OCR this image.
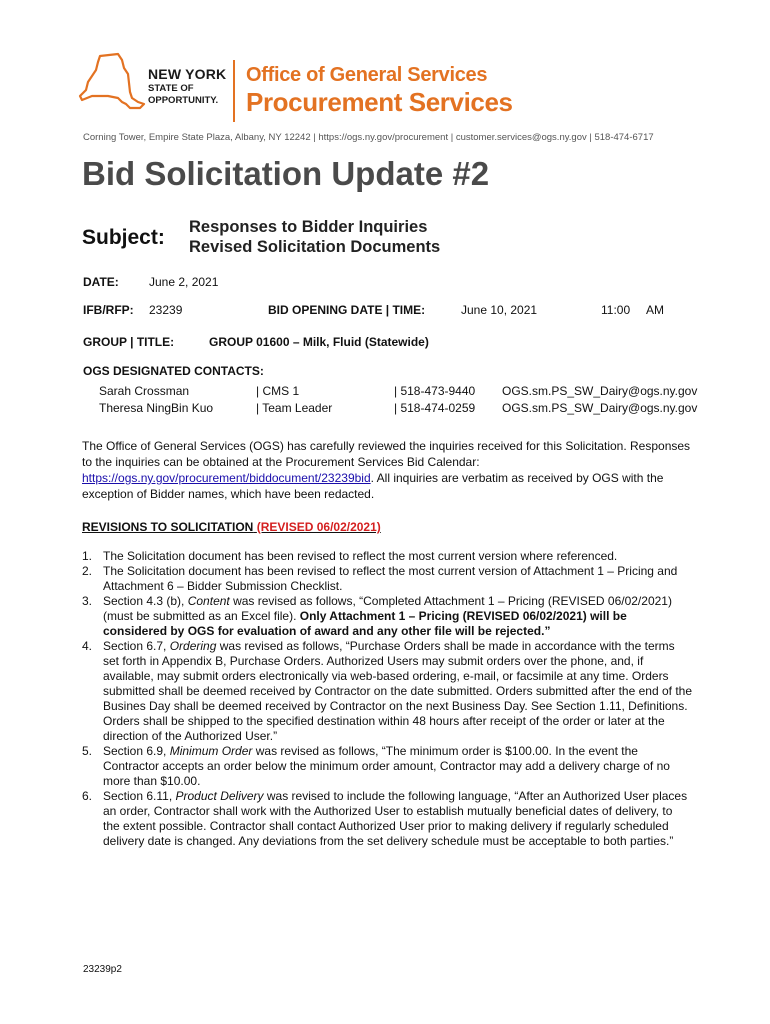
NEW YORK
STATE OF
OPPORTUNITY.
Office of General Services
Procurement Services
Corning Tower, Empire State Plaza, Albany, NY 12242 | https://ogs.ny.gov/procurement | customer.services@ogs.ny.gov | 518-474-6717
Bid Solicitation Update #2
Subject: Responses to Bidder Inquiries
Revised Solicitation Documents
DATE:	June 2, 2021
IFB/RFP: 23239	BID OPENING DATE | TIME:	June 10, 2021	11:00 AM
GROUP | TITLE:	GROUP 01600 – Milk, Fluid (Statewide)
OGS DESIGNATED CONTACTS:
Sarah Crossman	| CMS 1	| 518-473-9440 OGS.sm.PS_SW_Dairy@ogs.ny.gov
Theresa NingBin Kuo	| Team Leader	| 518-474-0259 OGS.sm.PS_SW_Dairy@ogs.ny.gov
The Office of General Services (OGS) has carefully reviewed the inquiries received for this Solicitation. Responses to the inquiries can be obtained at the Procurement Services Bid Calendar: https://ogs.ny.gov/procurement/biddocument/23239bid. All inquiries are verbatim as received by OGS with the exception of Bidder names, which have been redacted.
REVISIONS TO SOLICITATION (REVISED 06/02/2021)
1. The Solicitation document has been revised to reflect the most current version where referenced.
2. The Solicitation document has been revised to reflect the most current version of Attachment 1 – Pricing and Attachment 6 – Bidder Submission Checklist.
3. Section 4.3 (b), Content was revised as follows, “Completed Attachment 1 – Pricing (REVISED 06/02/2021) (must be submitted as an Excel file). Only Attachment 1 – Pricing (REVISED 06/02/2021) will be considered by OGS for evaluation of award and any other file will be rejected.”
4. Section 6.7, Ordering was revised as follows, “Purchase Orders shall be made in accordance with the terms set forth in Appendix B, Purchase Orders. Authorized Users may submit orders over the phone, and, if available, may submit orders electronically via web-based ordering, e-mail, or facsimile at any time. Orders submitted shall be deemed received by Contractor on the date submitted. Orders submitted after the end of the Busines Day shall be deemed received by Contractor on the next Business Day. See Section 1.11, Definitions. Orders shall be shipped to the specified destination within 48 hours after receipt of the order or later at the direction of the Authorized User.”
5. Section 6.9, Minimum Order was revised as follows, “The minimum order is $100.00. In the event the Contractor accepts an order below the minimum order amount, Contractor may add a delivery charge of no more than $10.00.
6. Section 6.11, Product Delivery was revised to include the following language, “After an Authorized User places an order, Contractor shall work with the Authorized User to establish mutually beneficial dates of delivery, to the extent possible. Contractor shall contact Authorized User prior to making delivery if regularly scheduled delivery date is changed. Any deviations from the set delivery schedule must be acceptable to both parties.”
23239p2
